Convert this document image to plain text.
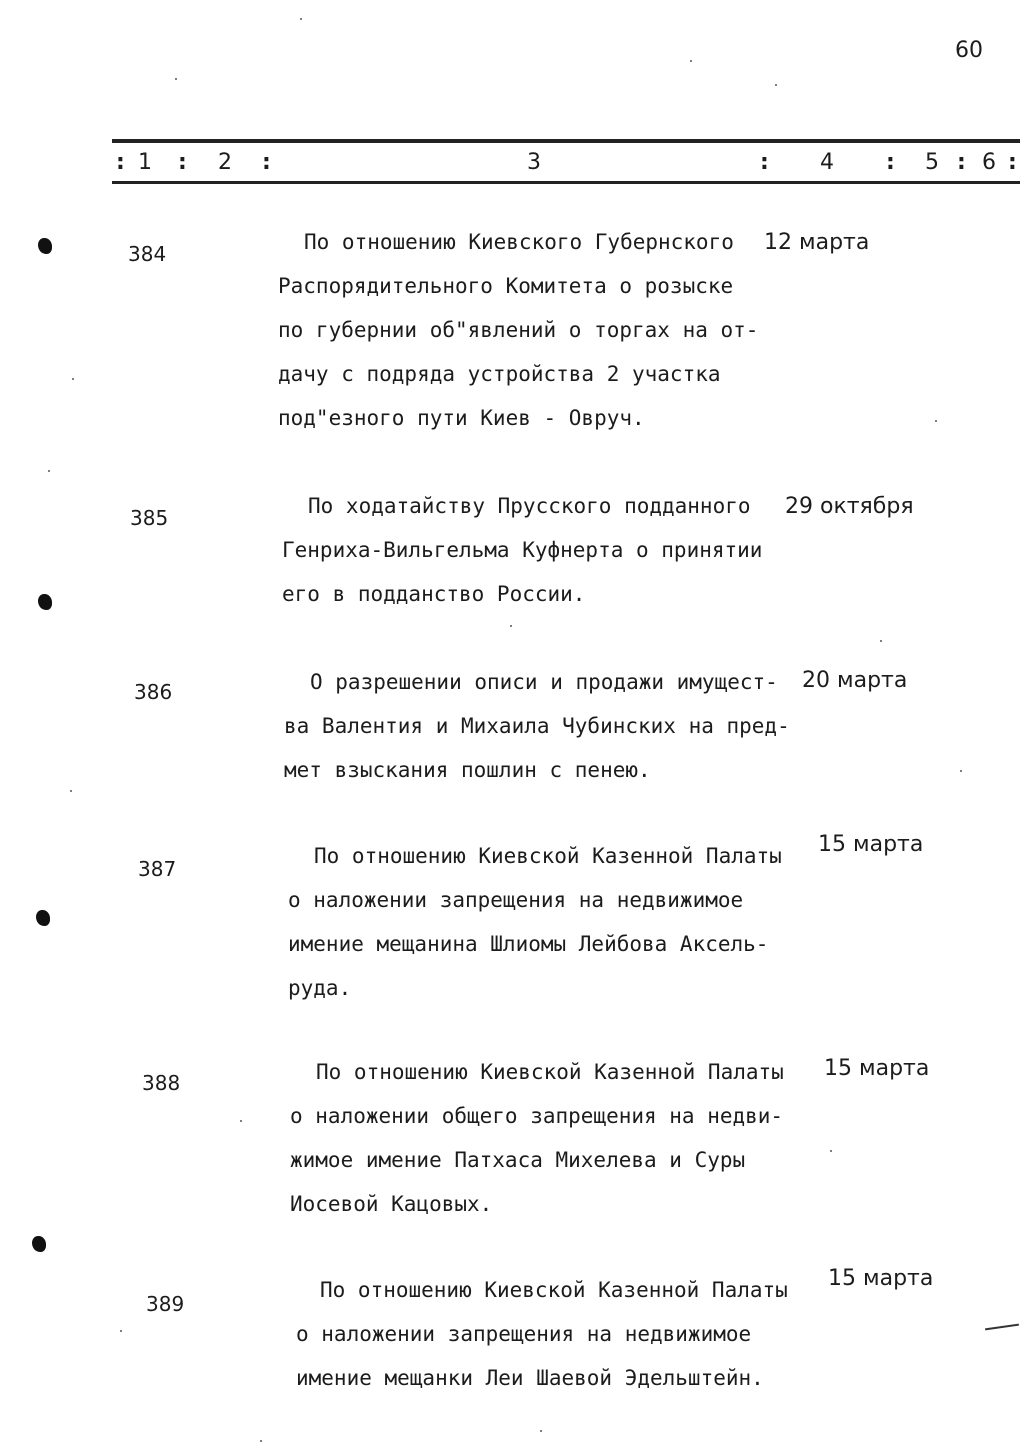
60
: 1 : 2 :	3	: 4 : 5 : 6 :
384	По отношению Киевского Губернского
Распорядительного Комитета о розыске
по губернии об"явлений о торгах на от-
дачу с подряда устройства 2 участка
под"езного пути Киев - Овруч.
12 марта
385	По ходатайству Прусского подданного
Генриха-Вильгельма Куфнерта о принятии
его в подданство России.
29 октября
386	О разрешении описи и продажи имущест-
ва Валентия и Михаила Чубинских на пред-
мет взыскания пошлин с пенею.
20 марта
387
По отношению Киевской Казенной Палаты
о наложении запрещения на недвижимое
имение мещанина Шлиомы Лейбова Аксель-
руда.
15 марта
388	По отношению Киевской Казенной Палаты
о наложении общего запрещения на недви-
жимое имение Патхаса Михелева и Суры
Иосевой Кацовых.
15 марта
389
По отношению Киевской Казенной Палаты
о наложении запрещения на недвижимое
имение мещанки Леи Шаевой Эдельштейн.
15 марта
